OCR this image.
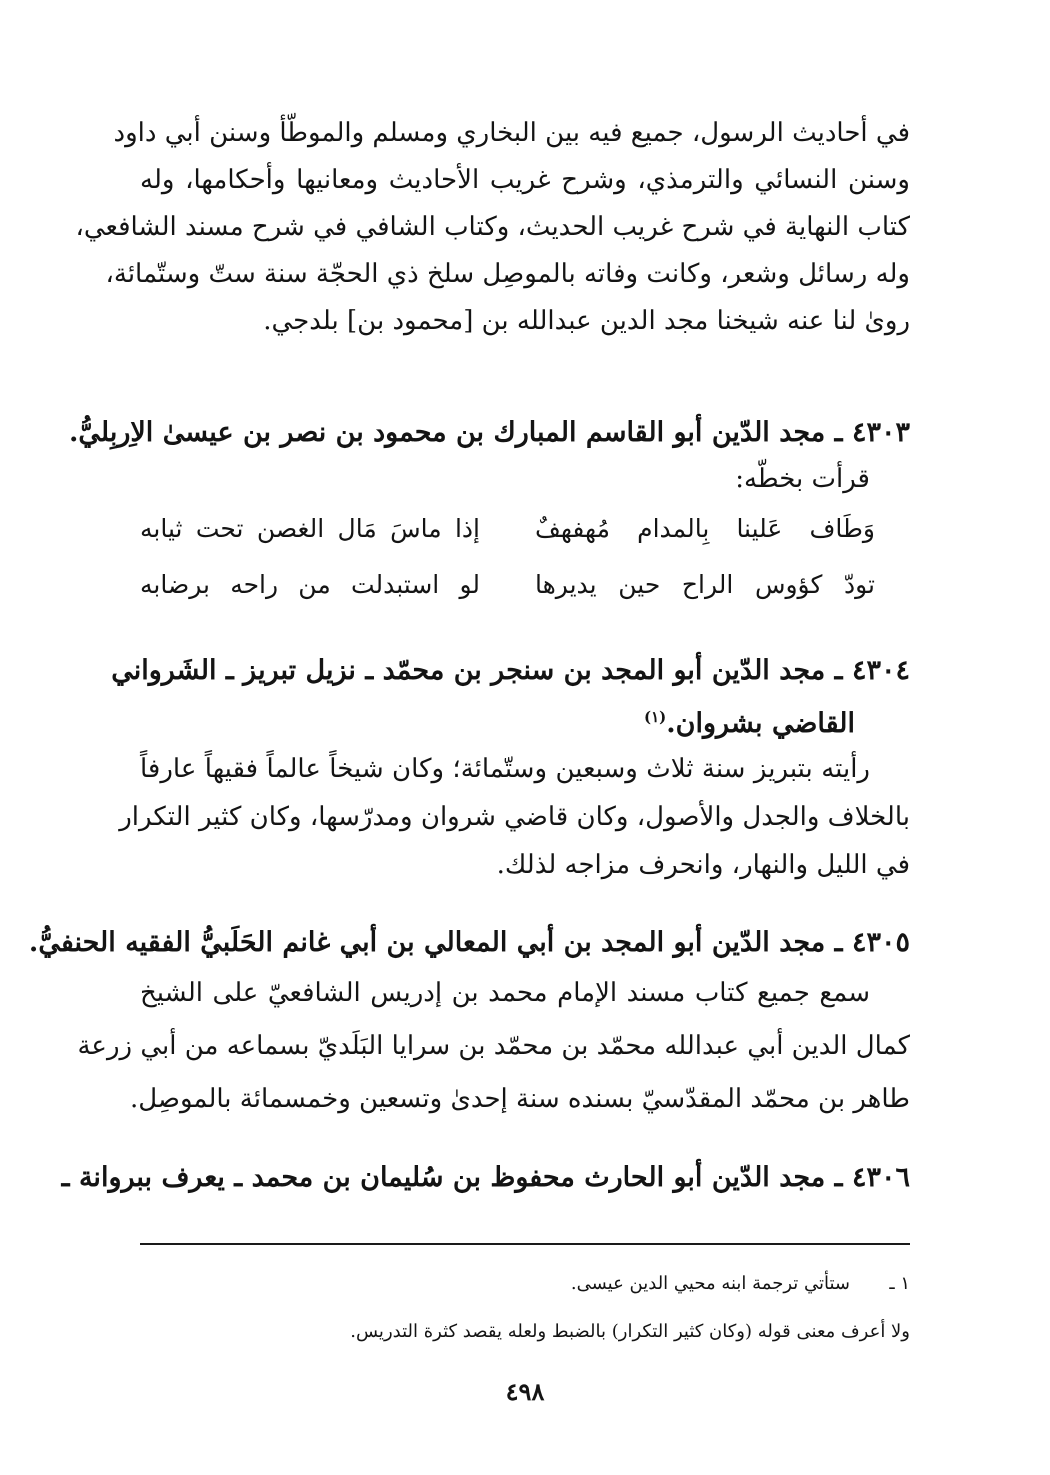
في أحاديث الرسول، جميع فيه بين البخاري ومسلم والموطّأ وسنن أبي داود

وسنن النسائي والترمذي، وشرح غريب الأحاديث ومعانيها وأحكامها، وله

كتاب النهاية في شرح غريب الحديث، وكتاب الشافي في شرح مسند الشافعي،

وله رسائل وشعر، وكانت وفاته بالموصِل سلخ ذي الحجّة سنة ستّ وستّمائة،

روىٰ لنا عنه شيخنا مجد الدين عبدالله بن [محمود بن] بلدجي.

٤٣٠٣ ـ مجد الدّين أبو القاسم المبارك بن محمود بن نصر بن عيسىٰ الاِربِليُّ.

قرأت بخطّه:

وَطَاف عَلينا بِالمدام مُهفهفٌ
إذا ماسَ مَال الغصن تحت ثيابه
تودّ كؤوس الراح حين يديرها
لو استبدلت من راحه برضابه

٤٣٠٤ ـ مجد الدّين أبو المجد بن سنجر بن محمّد ـ نزيل تبريز ـ الشَرواني

القاضي بشروان.$^{(١)}$

رأيته بتبريز سنة ثلاث وسبعين وستّمائة؛ وكان شيخاً عالماً فقيهاً عارفاً

بالخلاف والجدل والأصول، وكان قاضي شروان ومدرّسها، وكان كثير التكرار

في الليل والنهار، وانحرف مزاجه لذلك.

٤٣٠٥ ـ مجد الدّين أبو المجد بن أبي المعالي بن أبي غانم الحَلَبيُّ الفقيه الحنفيُّ.

سمع جميع كتاب مسند الإمام محمد بن إدريس الشافعيّ على الشيخ

كمال الدين أبي عبدالله محمّد بن محمّد بن سرايا البَلَديّ بسماعه من أبي زرعة

طاهر بن محمّد المقدّسيّ بسنده سنة إحدىٰ وتسعين وخمسمائة بالموصِل.

٤٣٠٦ ـ مجد الدّين أبو الحارث محفوظ بن سُليمان بن محمد ـ يعرف ببروانة ـ

١ ـستأتي ترجمة ابنه محيي الدين عيسى.
ولا أعرف معنى قوله (وكان كثير التكرار) بالضبط ولعله يقصد كثرة التدريس.
٤٩٨
